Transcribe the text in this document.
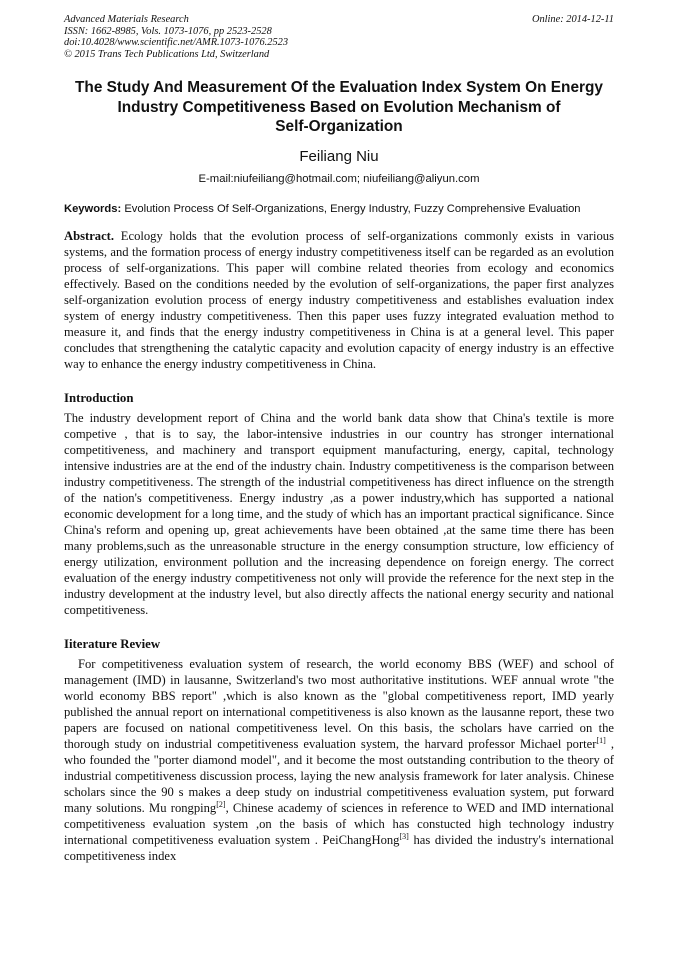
Advanced Materials Research
ISSN: 1662-8985, Vols. 1073-1076, pp 2523-2528
doi:10.4028/www.scientific.net/AMR.1073-1076.2523
© 2015 Trans Tech Publications Ltd, Switzerland
Online: 2014-12-11
The Study And Measurement Of the Evaluation Index System On Energy
Industry Competitiveness Based on Evolution Mechanism of
Self-Organization
Feiliang Niu
E-mail:niufeiliang@hotmail.com; niufeiliang@aliyun.com
Keywords: Evolution Process Of Self-Organizations, Energy Industry, Fuzzy Comprehensive Evaluation
Abstract. Ecology holds that the evolution process of self-organizations commonly exists in various systems, and the formation process of energy industry competitiveness itself can be regarded as an evolution process of self-organizations. This paper will combine related theories from ecology and economics effectively. Based on the conditions needed by the evolution of self-organizations, the paper first analyzes self-organization evolution process of energy industry competitiveness and establishes evaluation index system of energy industry competitiveness. Then this paper uses fuzzy integrated evaluation method to measure it, and finds that the energy industry competitiveness in China is at a general level. This paper concludes that strengthening the catalytic capacity and evolution capacity of energy industry is an effective way to enhance the energy industry competitiveness in China.
Introduction
The industry development report of China and the world bank data show that China's textile is more competive , that is to say, the labor-intensive industries in our country has stronger international competitiveness, and machinery and transport equipment manufacturing, energy, capital, technology intensive industries are at the end of the industry chain. Industry competitiveness is the comparison between industry competitiveness. The strength of the industrial competitiveness has direct influence on the strength of the nation's competitiveness. Energy industry ,as a power industry,which has supported a national economic development for a long time, and the study of which has an important practical significance. Since China's reform and opening up, great achievements have been obtained ,at the same time there has been many problems,such as the unreasonable structure in the energy consumption structure, low efficiency of energy utilization, environment pollution and the increasing dependence on foreign energy. The correct evaluation of the energy industry competitiveness not only will provide the reference for the next step in the industry development at the industry level, but also directly affects the national energy security and national competitiveness.
Iiterature Review
For competitiveness evaluation system of research, the world economy BBS (WEF) and school of management (IMD) in lausanne, Switzerland's two most authoritative institutions. WEF annual wrote "the world economy BBS report" ,which is also known as the "global competitiveness report, IMD yearly published the annual report on international competitiveness is also known as the lausanne report, these two papers are focused on national competitiveness level. On this basis, the scholars have carried on the thorough study on industrial competitiveness evaluation system, the harvard professor Michael porter[1] , who founded the "porter diamond model", and it become the most outstanding contribution to the theory of industrial competitiveness discussion process, laying the new analysis framework for later analysis. Chinese scholars since the 90 s makes a deep study on industrial competitiveness evaluation system, put forward many solutions. Mu rongping[2], Chinese academy of sciences in reference to WED and IMD international competitiveness evaluation system ,on the basis of which has constucted high technology industry international competitiveness evaluation system . PeiChangHong[3] has divided the industry's international competitiveness index
